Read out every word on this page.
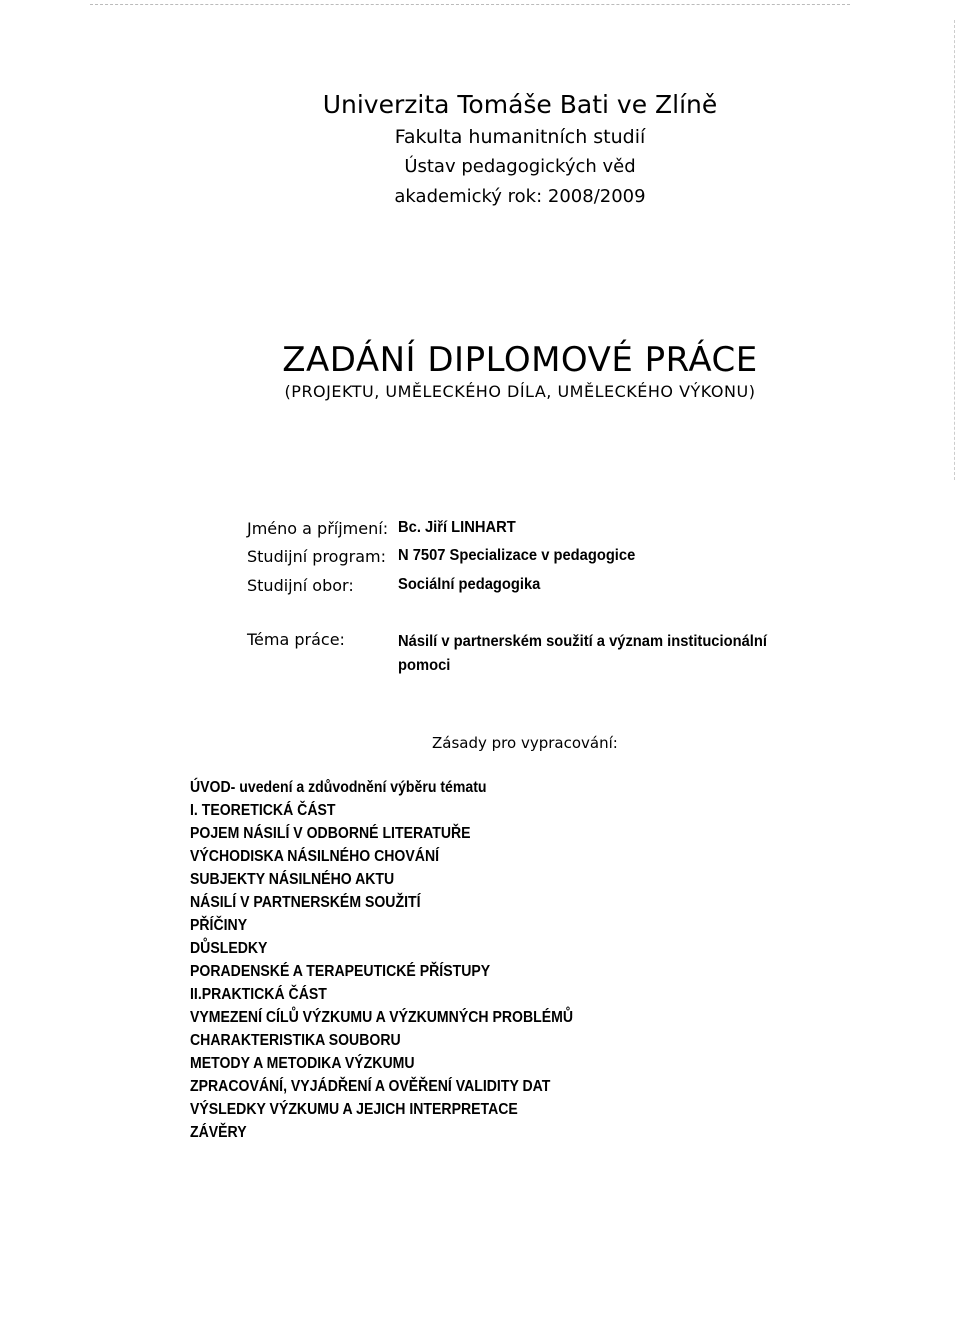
Univerzita Tomáše Bati ve Zlíně
Fakulta humanitních studií
Ústav pedagogických věd
akademický rok: 2008/2009
ZADÁNÍ DIPLOMOVÉ PRÁCE
(PROJEKTU, UMĚLECKÉHO DÍLA, UMĚLECKÉHO VÝKONU)
Jméno a příjmení: Bc. Jiří LINHART
Studijní program: N 7507 Specializace v pedagogice
Studijní obor:	Sociální pedagogika
Téma práce:	Násilí v partnerském soužití a význam institucionální pomoci
Zásady pro vypracování:
ÚVOD- uvedení a zdůvodnění výběru tématu
I. TEORETICKÁ ČÁST
POJEM NÁSILÍ V ODBORNÉ LITERATUŘE
VÝCHODISKA NÁSILNÉHO CHOVÁNÍ
SUBJEKTY NÁSILNÉHO AKTU
NÁSILÍ V PARTNERSKÉM SOUŽITÍ
PŘÍČINY
DŮSLEDKY
PORADENSKÉ A TERAPEUTICKÉ PŘÍSTUPY
II.PRAKTICKÁ ČÁST
VYMEZENÍ CÍLŮ VÝZKUMU A VÝZKUMNÝCH PROBLÉMŮ
CHARAKTERISTIKA SOUBORU
METODY A METODIKA VÝZKUMU
ZPRACOVÁNÍ, VYJÁDŘENÍ A OVĚŘENÍ VALIDITY DAT
VÝSLEDKY VÝZKUMU A JEJICH INTERPRETACE
ZÁVĚRY
